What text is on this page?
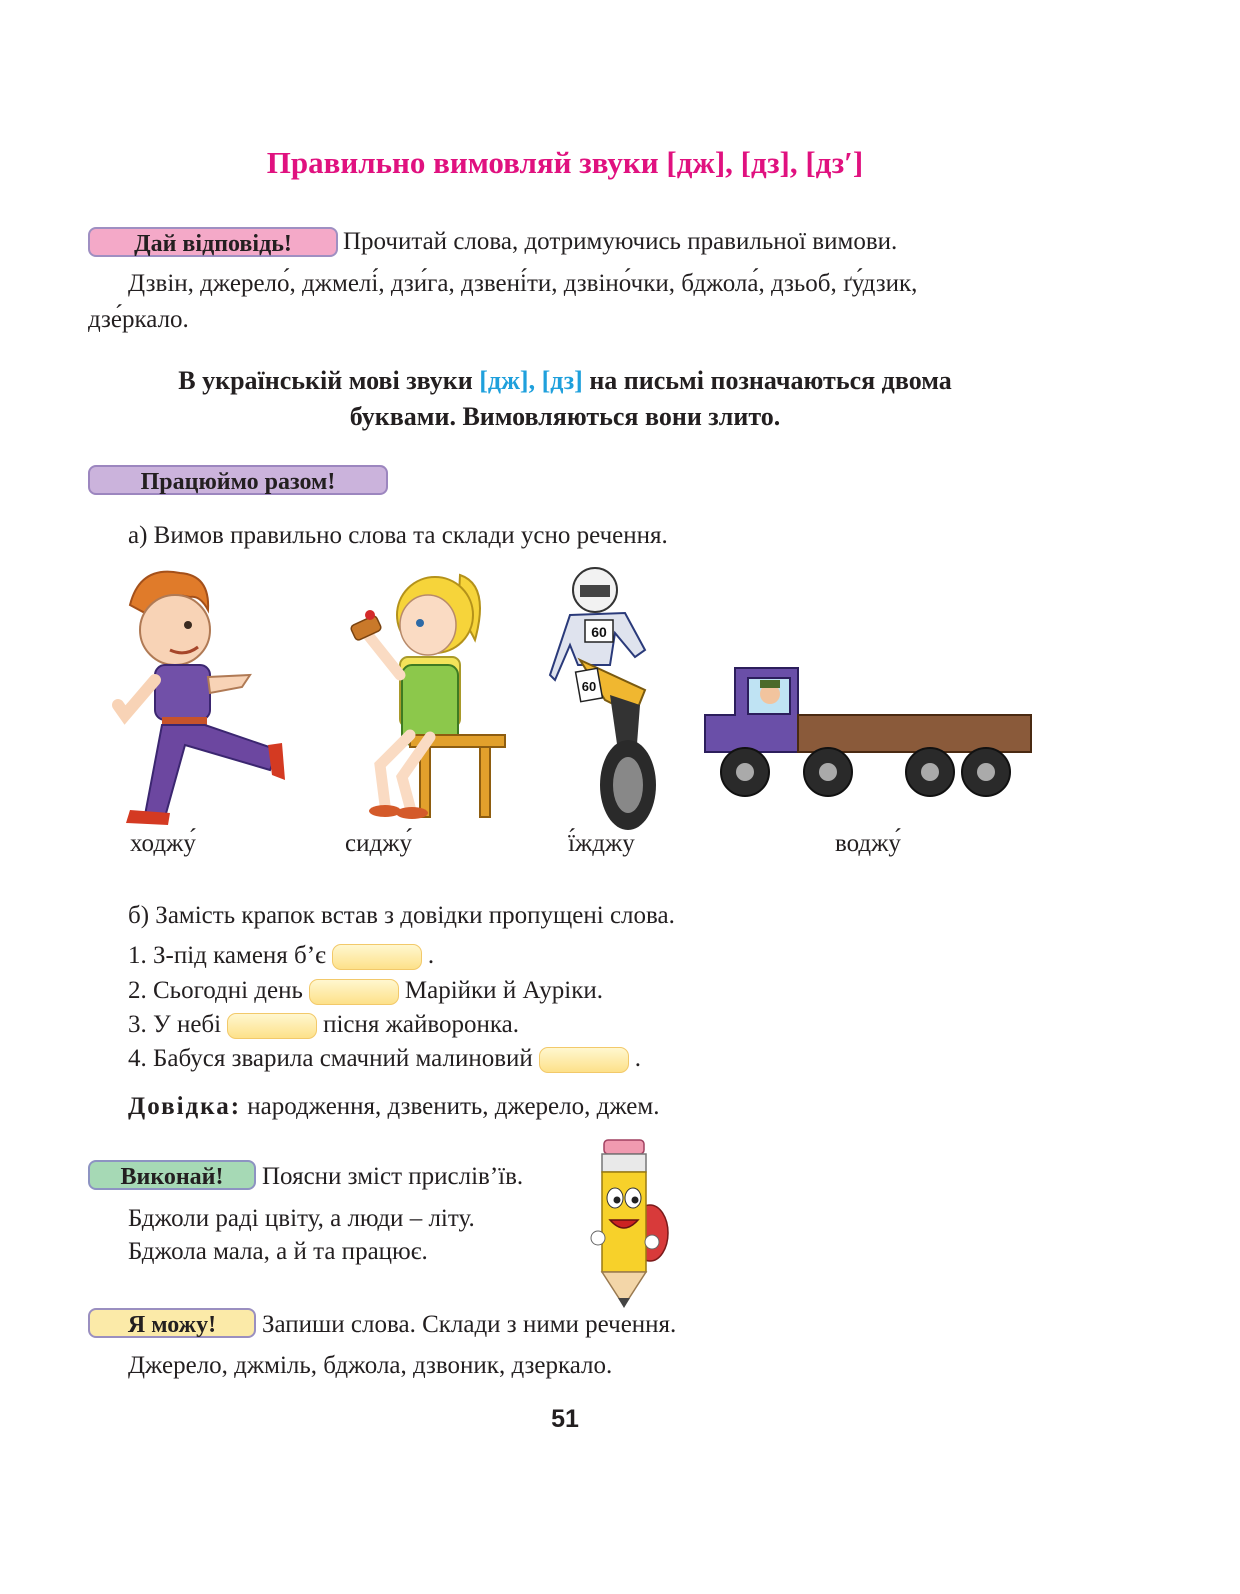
Правильно вимовляй звуки [дж], [дз], [дз′]
Дай відповідь!	Прочитай слова, дотримуючись правильної вимови.
Дзвін, джерело́, джмелі́, дзи́га, дзвені́ти, дзвіно́чки, бджола́, дзьоб, ґу́дзик,
дзе́ркало.
В українській мові звуки [дж], [дз] на письмі позначаються двома
буквами. Вимовляються вони злито.
Працюймо разом!
а) Вимов правильно слова та склади усно речення.
60
60
ходжу́	сиджу́	ї́жджу	воджу́
б) Замість крапок встав з довідки пропущені слова.
1. З-під каменя б’є	.
2. Сьогодні день	Марійки й Ауріки.
3. У небі	пісня жайворонка.
4. Бабуся зварила смачний малиновий	.
Довідка: народження, дзвенить, джерело, джем.
Виконай!	Поясни зміст прислів’їв.
Бджоли раді цвіту, а люди – літу.
Бджола мала, а й та працює.
Я можу!	Запиши слова. Склади з ними речення.
Джерело, джміль, бджола, дзвоник, дзеркало.
51
